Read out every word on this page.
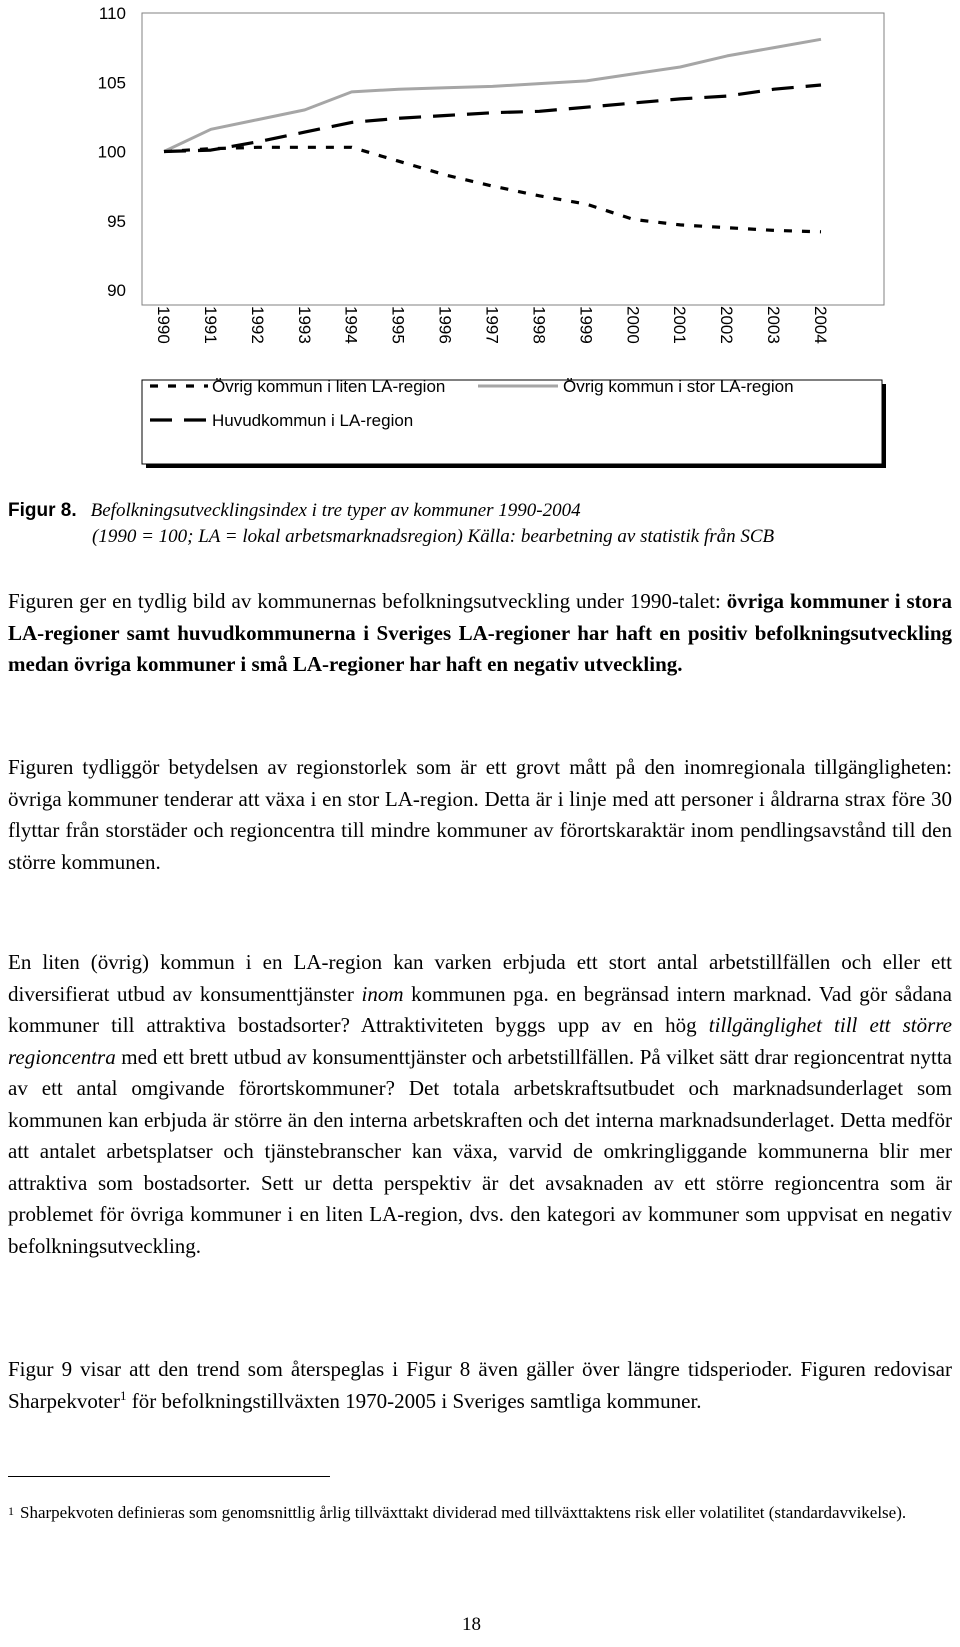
110
105
100
95
90
1990 1991 1992 1993 1994 1995 1996 1997 1998 1999 2000 2001 2002 2003 2004
Övrig kommun i liten LA-region	Övrig kommun i stor LA-region
Huvudkommun i LA-region
Figur 8. Befolkningsutvecklingsindex i tre typer av kommuner 1990-2004
(1990 = 100; LA = lokal arbetsmarknadsregion) Källa: bearbetning av statistik från SCB

Figuren ger en tydlig bild av kommunernas befolkningsutveckling under 1990-talet: övriga kommuner i stora LA-regioner samt huvudkommunerna i Sveriges LA-regioner har haft en positiv befolkningsutveckling medan övriga kommuner i små LA-regioner har haft en negativ utveckling.

Figuren tydliggör betydelsen av regionstorlek som är ett grovt mått på den inomregionala tillgängligheten: övriga kommuner tenderar att växa i en stor LA-region. Detta är i linje med att personer i åldrarna strax före 30 flyttar från storstäder och regioncentra till mindre kommuner av förortskaraktär inom pendlingsavstånd till den större kommunen.

En liten (övrig) kommun i en LA-region kan varken erbjuda ett stort antal arbetstillfällen och eller ett diversifierat utbud av konsumenttjänster inom kommunen pga. en begränsad intern marknad. Vad gör sådana kommuner till attraktiva bostadsorter? Attraktiviteten byggs upp av en hög tillgänglighet till ett större regioncentra med ett brett utbud av konsumenttjänster och arbetstillfällen. På vilket sätt drar regioncentrat nytta av ett antal omgivande förortskommuner? Det totala arbetskraftsutbudet och marknadsunderlaget som kommunen kan erbjuda är större än den interna arbetskraften och det interna marknadsunderlaget. Detta medför att antalet arbetsplatser och tjänstebranscher kan växa, varvid de omkringliggande kommunerna blir mer attraktiva som bostadsorter. Sett ur detta perspektiv är det avsaknaden av ett större regioncentra som är problemet för övriga kommuner i en liten LA-region, dvs. den kategori av kommuner som uppvisat en negativ befolkningsutveckling.

Figur 9 visar att den trend som återspeglas i Figur 8 även gäller över längre tidsperioder. Figuren redovisar Sharpekvoter$^1$ för befolkningstillväxten 1970-2005 i Sveriges samtliga kommuner.

$^1$ Sharpekvoten definieras som genomsnittlig årlig tillväxttakt dividerad med tillväxttaktens risk eller volatilitet (standardavvikelse).
18
